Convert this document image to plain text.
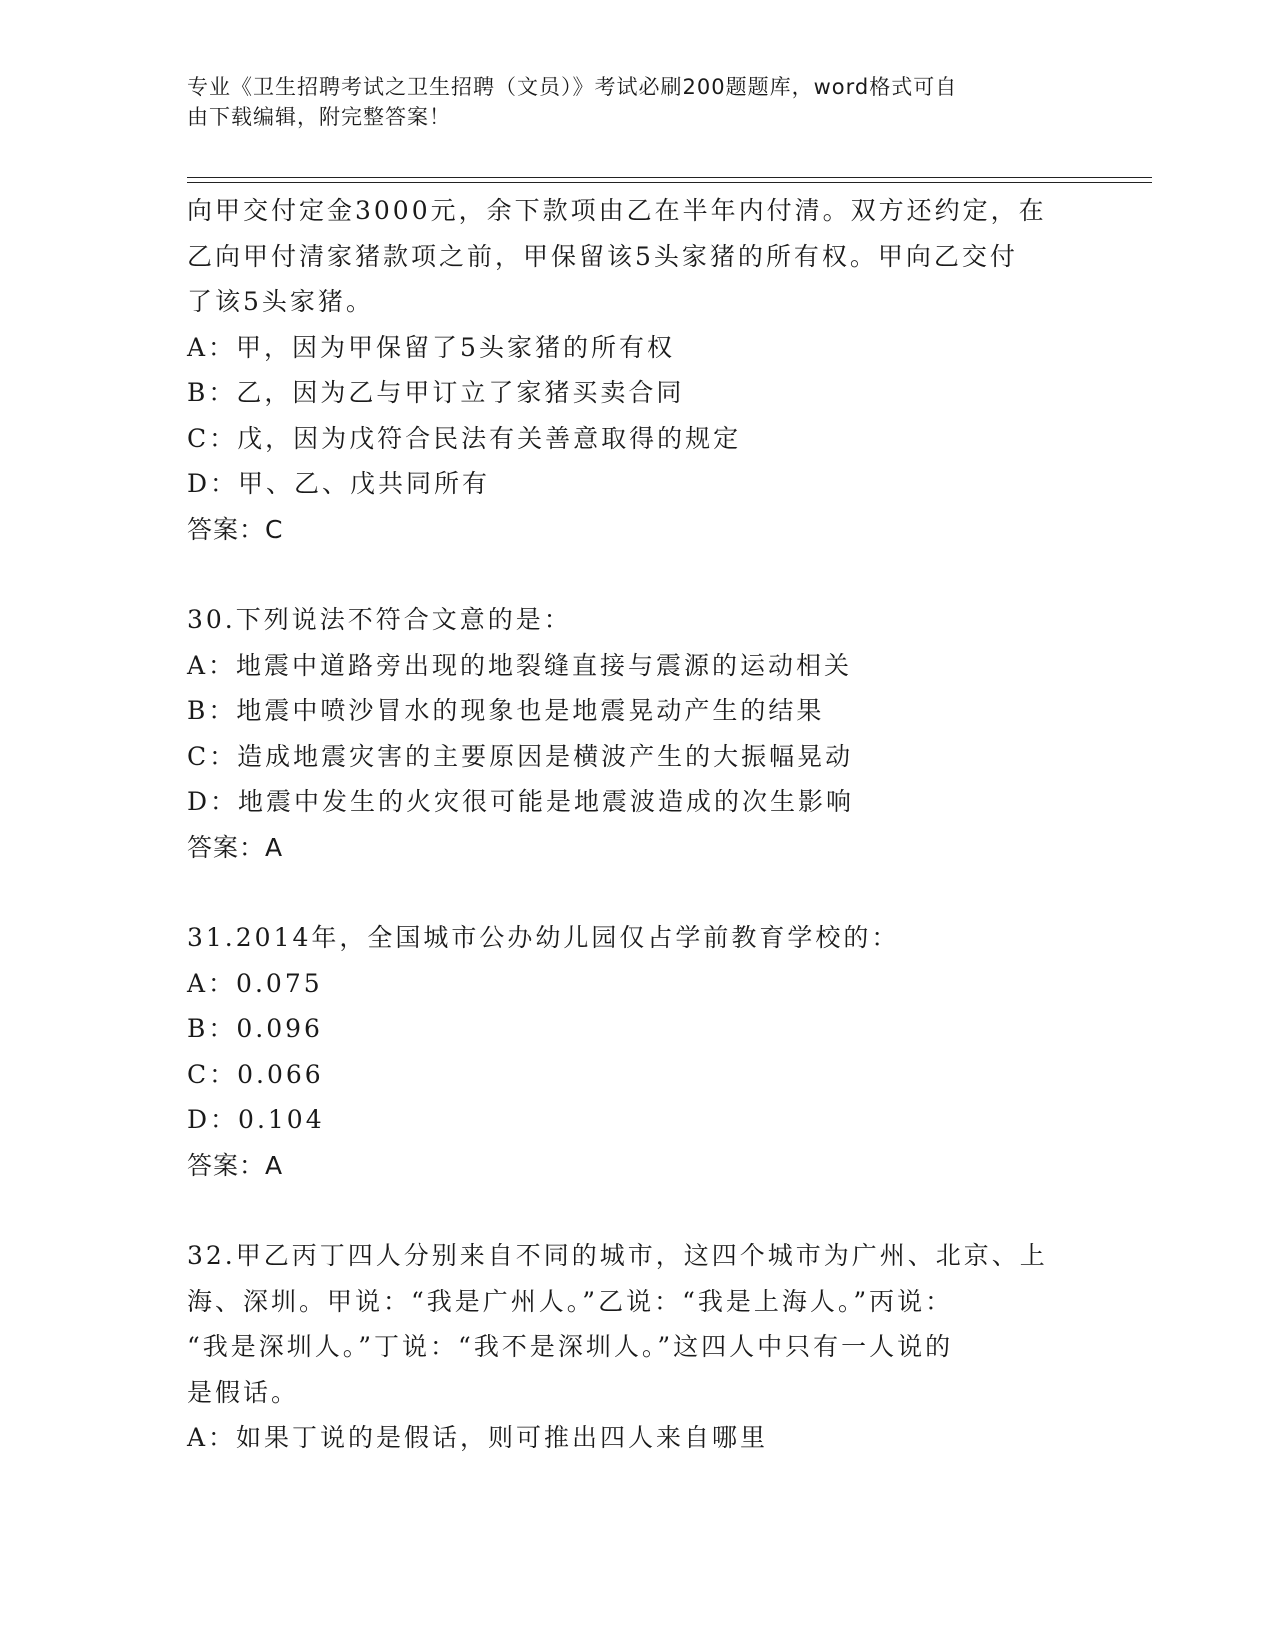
专业《卫生招聘考试之卫生招聘（文员）》考试必刷200题题库，word格式可自
由下载编辑，附完整答案！
向甲交付定金3000元，余下款项由乙在半年内付清。双方还约定，在
乙向甲付清家猪款项之前，甲保留该5头家猪的所有权。甲向乙交付
了该5头家猪。
A：甲，因为甲保留了5头家猪的所有权
B：乙，因为乙与甲订立了家猪买卖合同
C：戊，因为戊符合民法有关善意取得的规定
D：甲、乙、戊共同所有
答案：C
30.下列说法不符合文意的是：
A：地震中道路旁出现的地裂缝直接与震源的运动相关
B：地震中喷沙冒水的现象也是地震晃动产生的结果
C：造成地震灾害的主要原因是横波产生的大振幅晃动
D：地震中发生的火灾很可能是地震波造成的次生影响
答案：A
31.2014年，全国城市公办幼儿园仅占学前教育学校的：
A：0.075
B：0.096
C：0.066
D：0.104
答案：A
32.甲乙丙丁四人分别来自不同的城市，这四个城市为广州、北京、上
海、深圳。甲说：“我是广州人。”乙说：“我是上海人。”丙说：
“我是深圳人。”丁说：“我不是深圳人。”这四人中只有一人说的
是假话。
A：如果丁说的是假话，则可推出四人来自哪里
